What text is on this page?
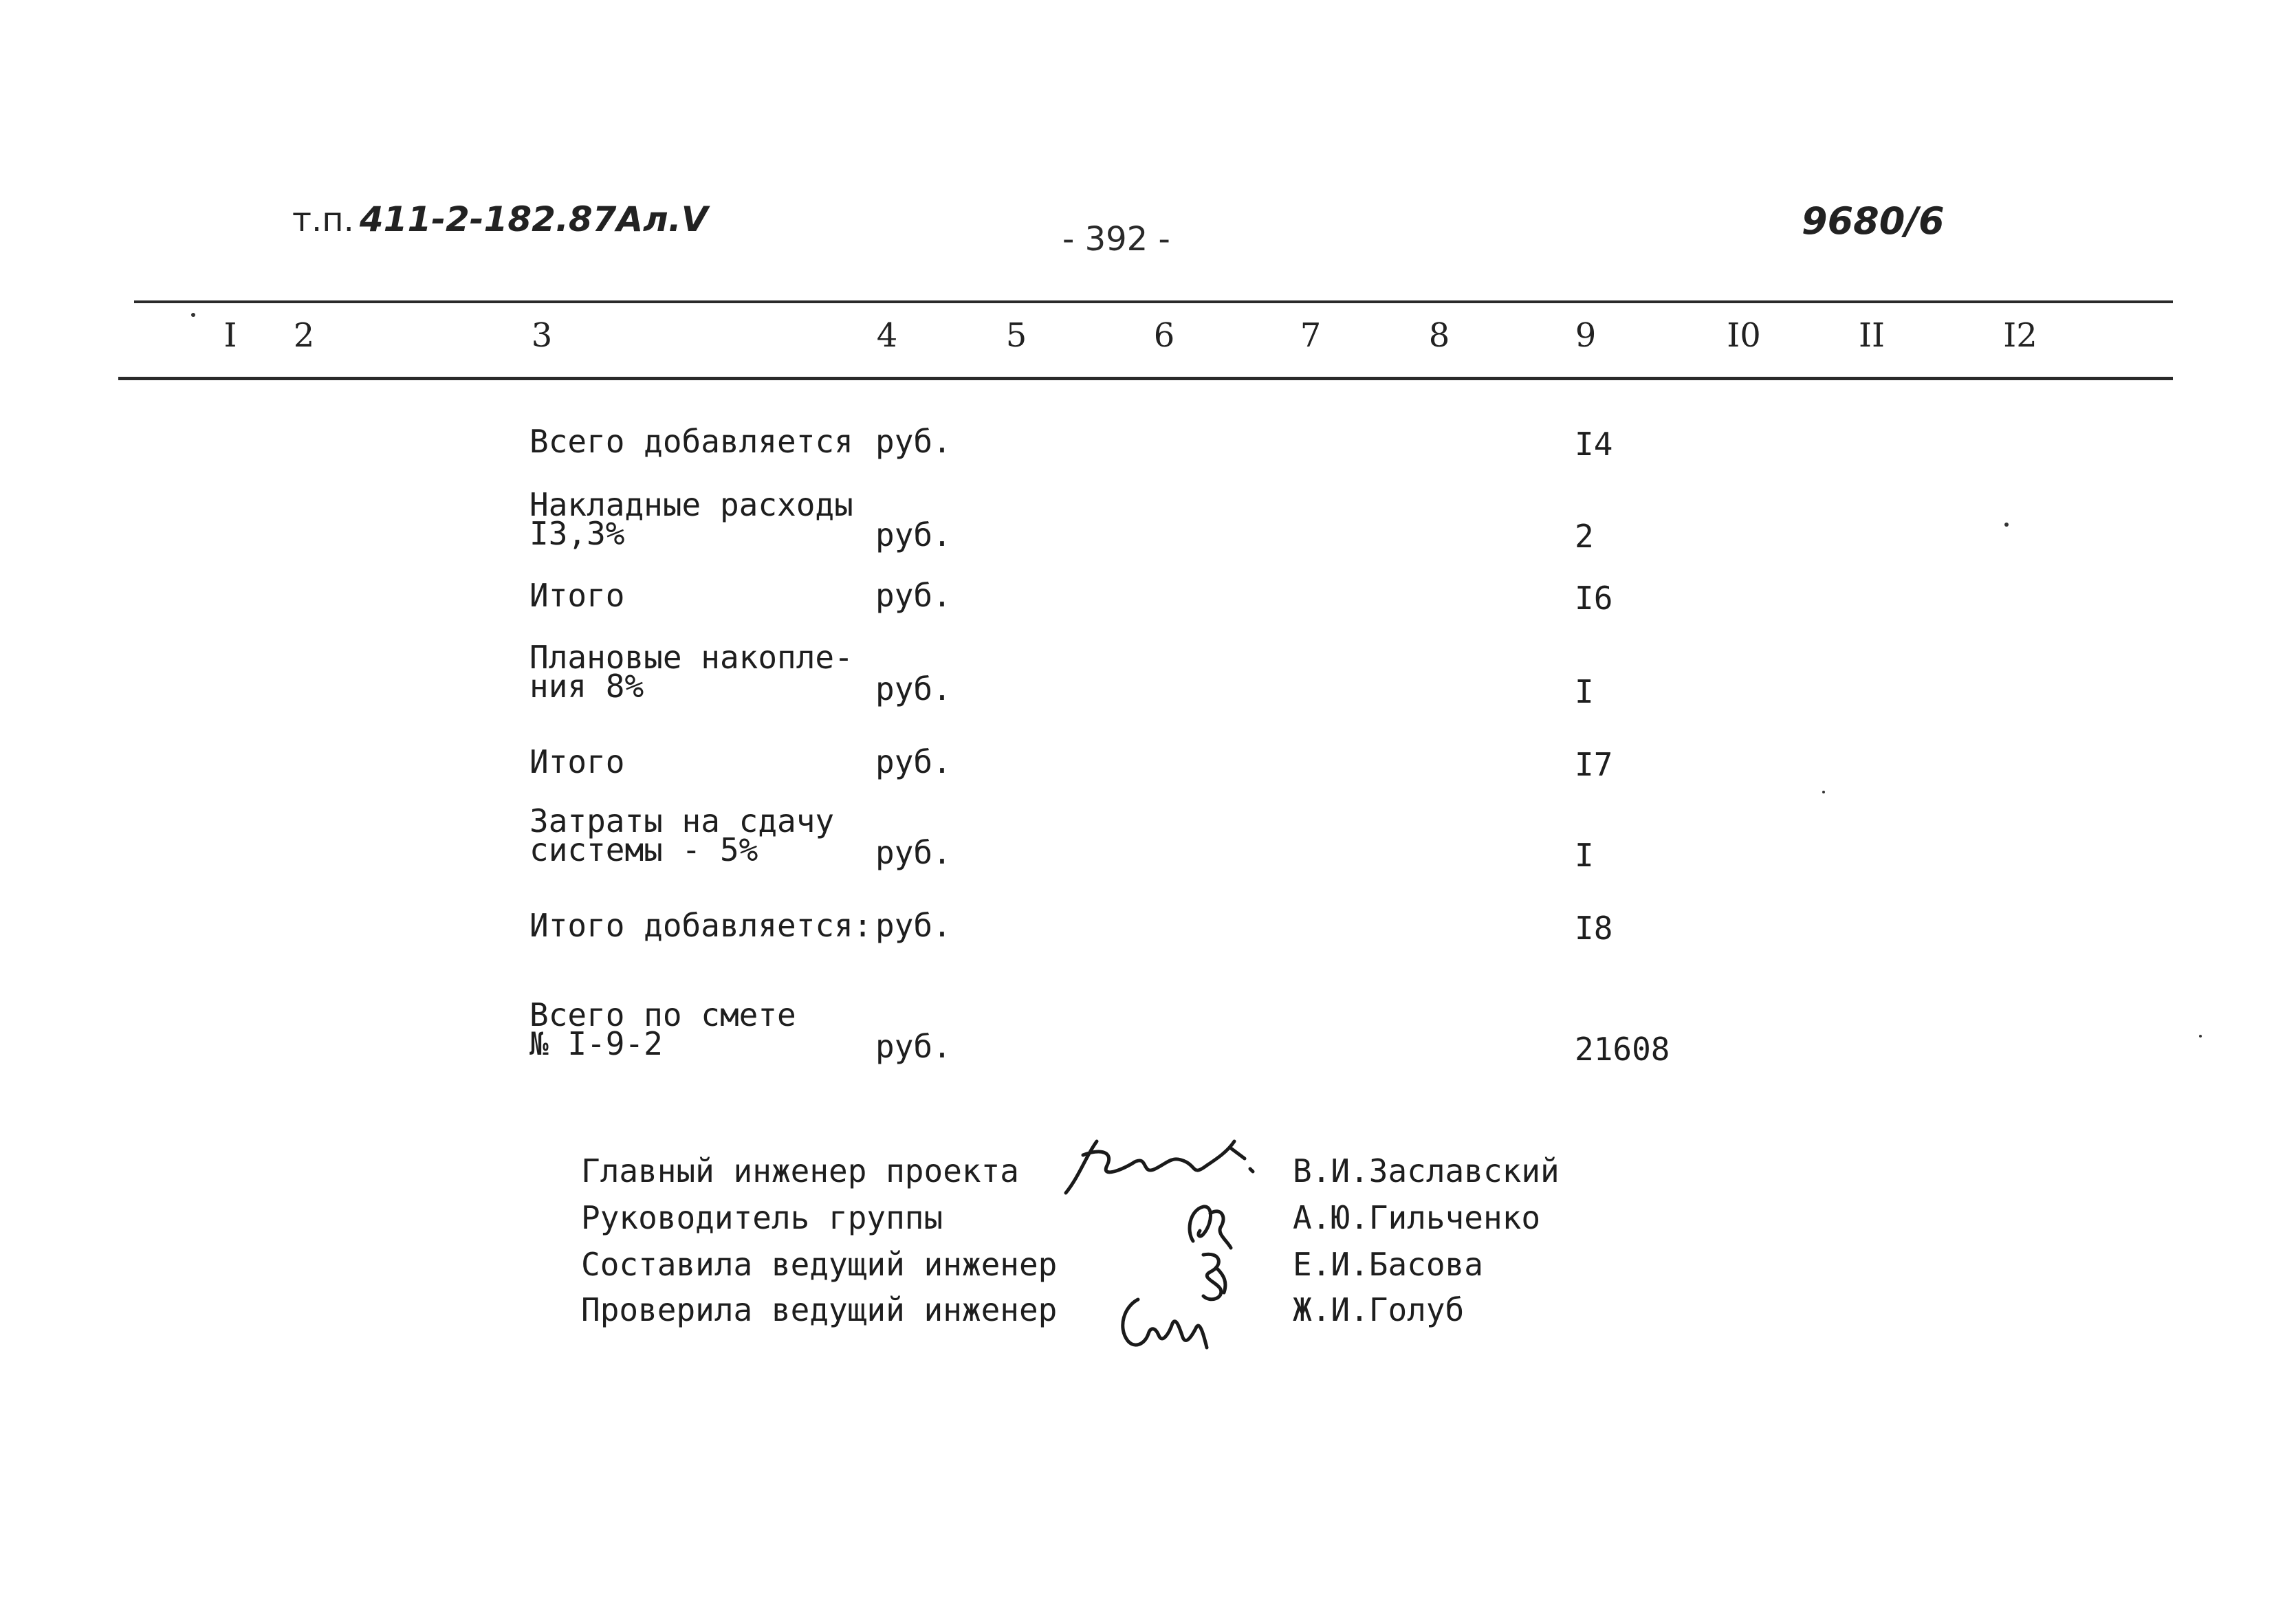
т.п. 411-2-182.87Ал.V	- 392 -	9680/6
I 2	3	4	5	6	7	8	9	I0	II	I2
Всего добавляется руб.	I4
Накладные расходы
I3,3%	руб.	2
Итого	руб.	I6
Плановые накопле-
ния 8%	руб.	I
Итого	руб.	I7
Затраты на сдачу
системы - 5%	руб.	I
Итого добавляется: руб.	I8
Всего по смете
№ I-9-2	руб.	21608
Главный инженер проекта	В.И.Заславский
Руководитель группы	А.Ю.Гильченко
Составила ведущий инженер	Е.И.Басова
Проверила ведущий инженер	Ж.И.Голуб
